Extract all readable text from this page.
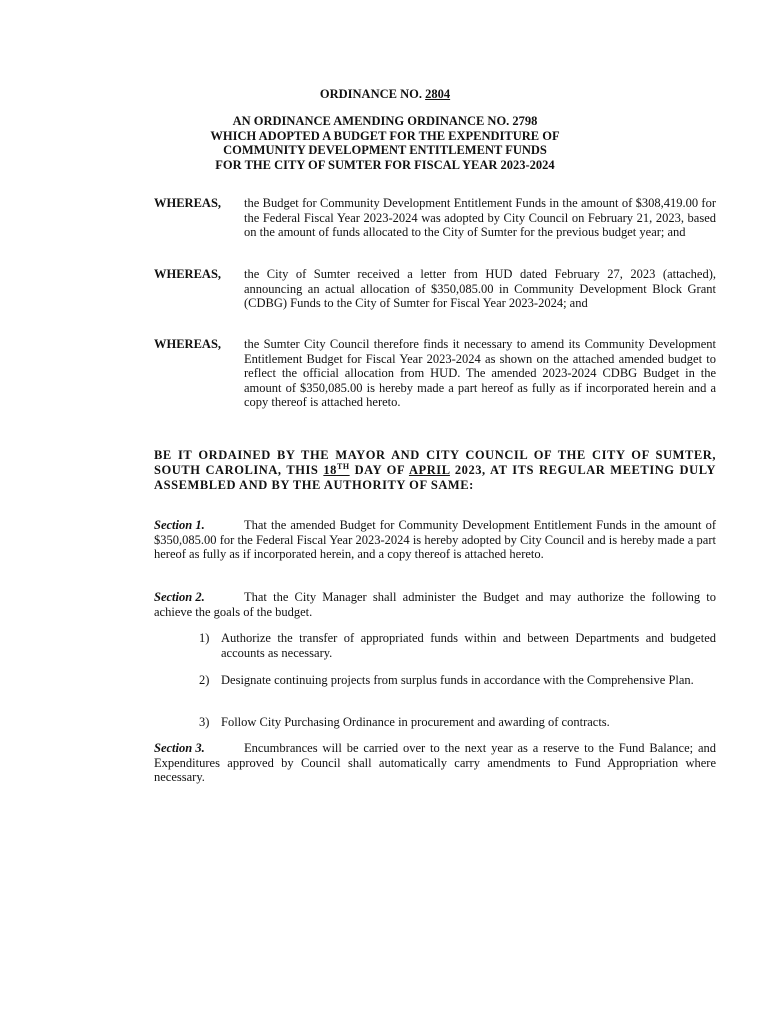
ORDINANCE NO. 2804
AN ORDINANCE AMENDING ORDINANCE NO. 2798
WHICH ADOPTED A BUDGET FOR THE EXPENDITURE OF
COMMUNITY DEVELOPMENT ENTITLEMENT FUNDS
FOR THE CITY OF SUMTER FOR FISCAL YEAR 2023-2024
WHEREAS, the Budget for Community Development Entitlement Funds in the amount of $308,419.00 for the Federal Fiscal Year 2023-2024 was adopted by City Council on February 21, 2023, based on the amount of funds allocated to the City of Sumter for the previous budget year; and
WHEREAS, the City of Sumter received a letter from HUD dated February 27, 2023 (attached), announcing an actual allocation of $350,085.00 in Community Development Block Grant (CDBG) Funds to the City of Sumter for Fiscal Year 2023-2024; and
WHEREAS, the Sumter City Council therefore finds it necessary to amend its Community Development Entitlement Budget for Fiscal Year 2023-2024 as shown on the attached amended budget to reflect the official allocation from HUD. The amended 2023-2024 CDBG Budget in the amount of $350,085.00 is hereby made a part hereof as fully as if incorporated herein and a copy thereof is attached hereto.
BE IT ORDAINED BY THE MAYOR AND CITY COUNCIL OF THE CITY OF SUMTER, SOUTH CAROLINA, THIS 18TH DAY OF APRIL 2023, AT ITS REGULAR MEETING DULY ASSEMBLED AND BY THE AUTHORITY OF SAME:
Section 1.	That the amended Budget for Community Development Entitlement Funds in the amount of $350,085.00 for the Federal Fiscal Year 2023-2024 is hereby adopted by City Council and is hereby made a part hereof as fully as if incorporated herein, and a copy thereof is attached hereto.
Section 2.	That the City Manager shall administer the Budget and may authorize the following to achieve the goals of the budget.
1) Authorize the transfer of appropriated funds within and between Departments and budgeted accounts as necessary.
2) Designate continuing projects from surplus funds in accordance with the Comprehensive Plan.
3) Follow City Purchasing Ordinance in procurement and awarding of contracts.
Section 3.	Encumbrances will be carried over to the next year as a reserve to the Fund Balance; and Expenditures approved by Council shall automatically carry amendments to Fund Appropriation where necessary.
